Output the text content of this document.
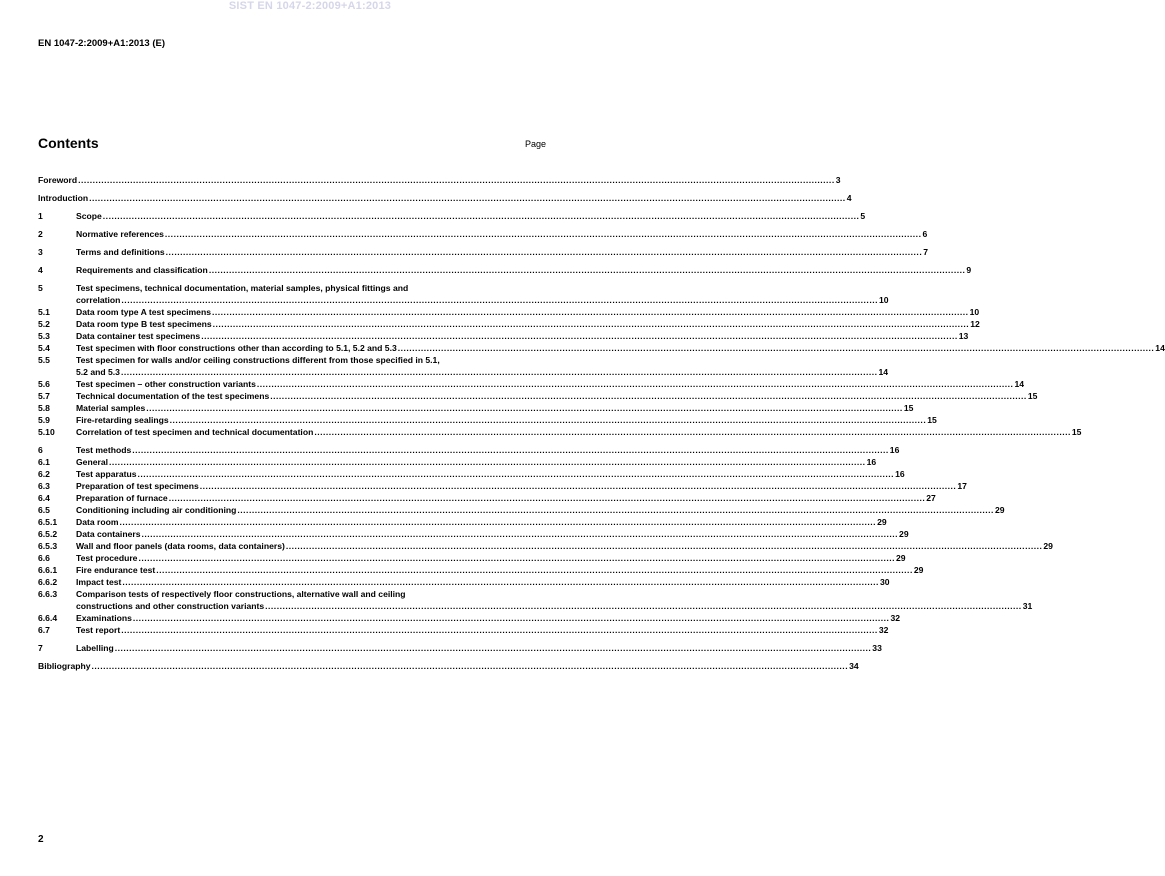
SIST EN 1047-2:2009+A1:2013
EN 1047-2:2009+A1:2013 (E)
Contents	Page
Foreword .....	3
Introduction .....	4
1	Scope .....	5
2	Normative references .....	6
3	Terms and definitions .....	7
4	Requirements and classification .....	9
5	Test specimens, technical documentation, material samples, physical fittings and
correlation .....	10
5.1	Data room type A test specimens .....	10
5.2	Data room type B test specimens .....	12
5.3	Data container test specimens .....	13
5.4	Test specimen with floor constructions other than according to 5.1, 5.2 and 5.3 .....	14
5.5	Test specimen for walls and/or ceiling constructions different from those specified in 5.1,
5.2 and 5.3 .....	14
5.6	Test specimen – other construction variants .....	14
5.7	Technical documentation of the test specimens .....	15
5.8	Material samples .....	15
5.9	Fire-retarding sealings .....	15
5.10	Correlation of test specimen and technical documentation .....	15
6	Test methods .....	16
6.1	General .....	16
6.2	Test apparatus .....	16
6.3	Preparation of test specimens .....	17
6.4	Preparation of furnace .....	27
6.5	Conditioning including air conditioning .....	29
6.5.1	Data room .....	29
6.5.2	Data containers .....	29
6.5.3	Wall and floor panels (data rooms, data containers) .....	29
6.6	Test procedure .....	29
6.6.1	Fire endurance test .....	29
6.6.2	Impact test .....	30
6.6.3	Comparison tests of respectively floor constructions, alternative wall and ceiling
constructions and other construction variants .....	31
6.6.4	Examinations .....	32
6.7	Test report .....	32
7	Labelling .....	33
Bibliography .....	34
2
